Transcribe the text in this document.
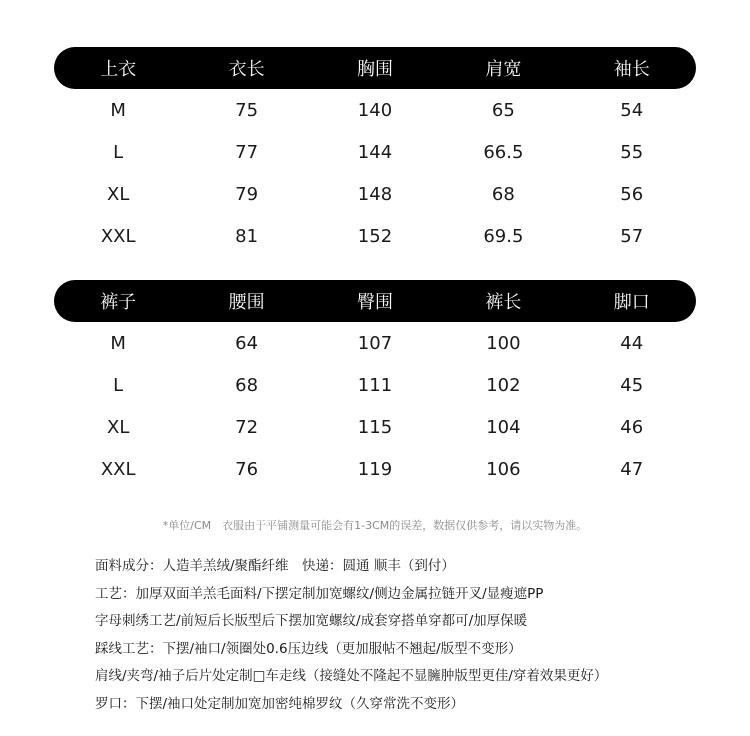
上衣	衣长	胸围	肩宽	袖长
M	75	140	65	54
L	77	144	66.5	55
XL	79	148	68	56
XXL	81	152	69.5	57
裤子	腰围	臀围	裤长	脚口
M	64	107	100	44
L	68	111	102	45
XL	72	115	104	46
XXL	76	119	106	47
*单位/CM　衣服由于平铺测量可能会有1-3CM的误差，数据仅供参考，请以实物为准。
面料成分：人造羊羔绒/聚酯纤维　快递：圆通 顺丰（到付）
工艺：加厚双面羊羔毛面料/下摆定制加宽螺纹/侧边金属拉链开叉/显瘦遮PP
字母刺绣工艺/前短后长版型后下摆加宽螺纹/成套穿搭单穿都可/加厚保暖
踩线工艺：下摆/袖口/领圈处0.6压边线（更加服帖不翘起/版型不变形）
肩线/夹弯/袖子后片处定制□车走线（接缝处不隆起不显臃肿版型更佳/穿着效果更好）
罗口：下摆/袖口处定制加宽加密纯棉罗纹（久穿常洗不变形）
